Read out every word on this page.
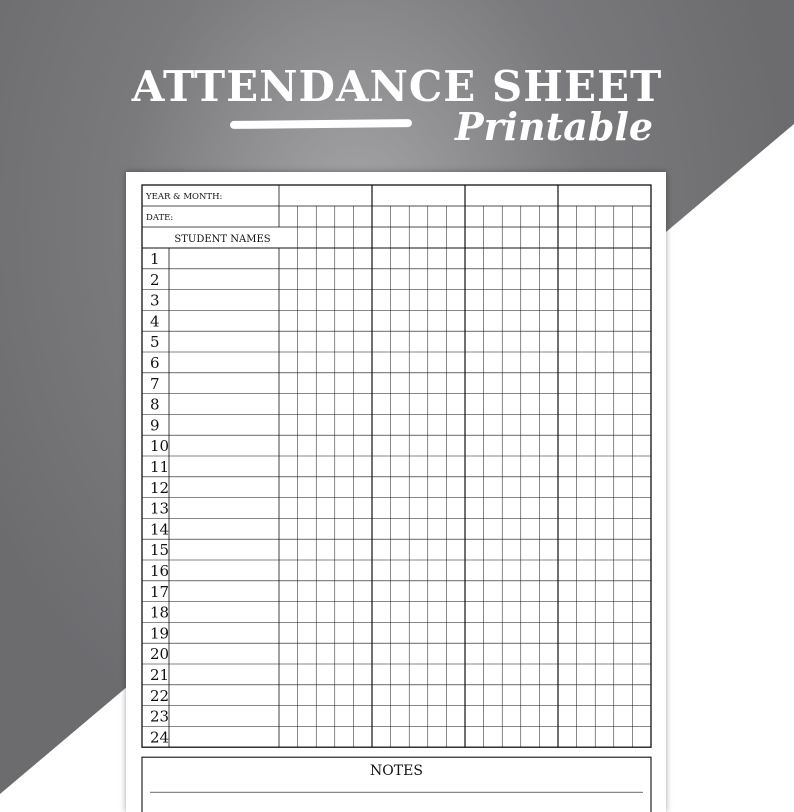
ATTENDANCE SHEET
Printable
YEAR & MONTH:
DATE:
STUDENT NAMES
1
2
3
4
5
6
7
8
9
10
11
12
13
14
15
16
17
18
19
20
21
22
23
24
NOTES
